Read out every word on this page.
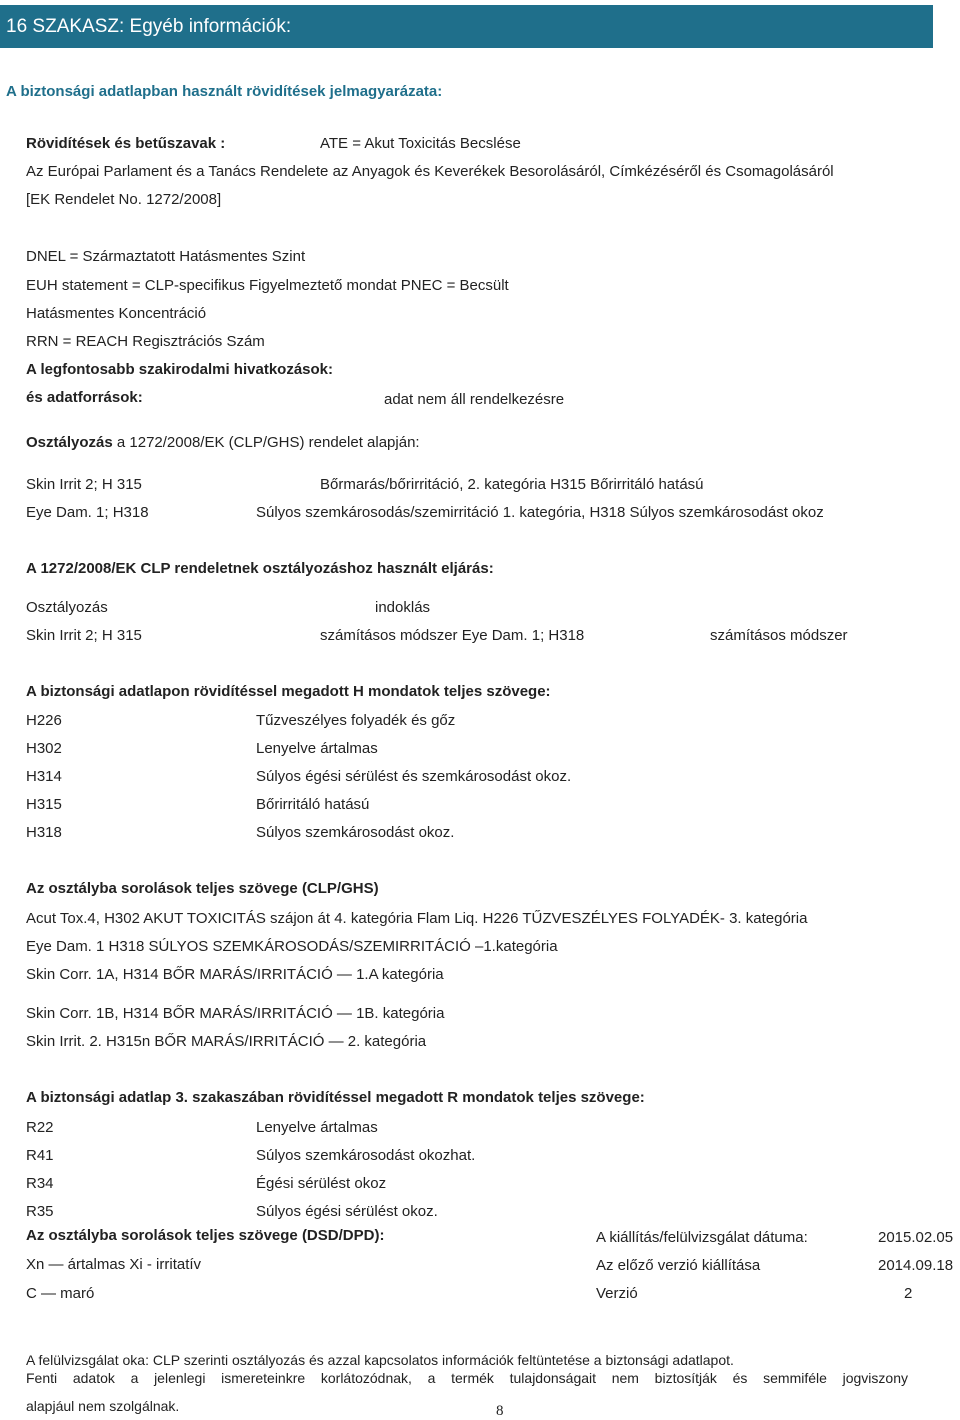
16 SZAKASZ: Egyéb információk:
A biztonsági adatlapban használt rövidítések jelmagyarázata:
Rövidítések és betűszavak :	ATE = Akut Toxicitás Becslése
Az Európai Parlament és a Tanács Rendelete az Anyagok és Keverékek Besorolásáról, Címkézéséről és Csomagolásáról
[EK Rendelet No. 1272/2008]
DNEL = Származtatott Hatásmentes Szint
EUH statement = CLP-specifikus Figyelmeztető mondat PNEC = Becsült
Hatásmentes Koncentráció
RRN = REACH Regisztrációs Szám
A legfontosabb szakirodalmi hivatkozások:
és adatforrások:	adat nem áll rendelkezésre
Osztályozás a 1272/2008/EK (CLP/GHS) rendelet alapján:
Skin Irrit 2; H 315	Bőrmarás/bőrirritáció, 2. kategória H315 Bőrirritáló hatású
Eye Dam. 1; H318	Súlyos szemkárosodás/szemirritáció 1. kategória, H318 Súlyos szemkárosodást okoz
A 1272/2008/EK CLP rendeletnek osztályozáshoz használt eljárás:
Osztályozás	indoklás
Skin Irrit 2; H 315	számításos módszer Eye Dam. 1; H318	számításos módszer
A biztonsági adatlapon rövidítéssel megadott H mondatok teljes szövege:
H226	Tűzveszélyes folyadék és gőz
H302	Lenyelve ártalmas
H314	Súlyos égési sérülést és szemkárosodást okoz.
H315	Bőrirritáló hatású
H318	Súlyos szemkárosodást okoz.
Az osztályba sorolások teljes szövege (CLP/GHS)
Acut Tox.4, H302 AKUT TOXICITÁS szájon át 4. kategória Flam Liq. H226 TŰZVESZÉLYES FOLYADÉK- 3. kategória
Eye Dam. 1 H318 SÚLYOS SZEMKÁROSODÁS/SZEMIRRITÁCIÓ –1.kategória
Skin Corr. 1A, H314 BŐR MARÁS/IRRITÁCIÓ — 1.A kategória
Skin Corr. 1B, H314 BŐR MARÁS/IRRITÁCIÓ — 1B. kategória
Skin Irrit. 2. H315n BŐR MARÁS/IRRITÁCIÓ — 2. kategória
A biztonsági adatlap 3. szakaszában rövidítéssel megadott R mondatok teljes szövege:
R22	Lenyelve ártalmas
R41	Súlyos szemkárosodást okozhat.
R34	Égési sérülést okoz
R35	Súlyos égési sérülést okoz.
Az osztályba sorolások teljes szövege (DSD/DPD):
Xn — ártalmas Xi - irritatív
C — maró
A kiállítás/felülvizsgálat dátuma:	2015.02.05
Az előző verzió kiállítása	2014.09.18
Verzió	2
A felülvizsgálat oka: CLP szerinti osztályozás és azzal kapcsolatos információk feltüntetése a biztonsági adatlapot.
Fenti adatok a jelenlegi ismereteinkre korlátozódnak, a termék tulajdonságait nem biztosítják és semmiféle jogviszony
alapjául nem szolgálnak.	8
